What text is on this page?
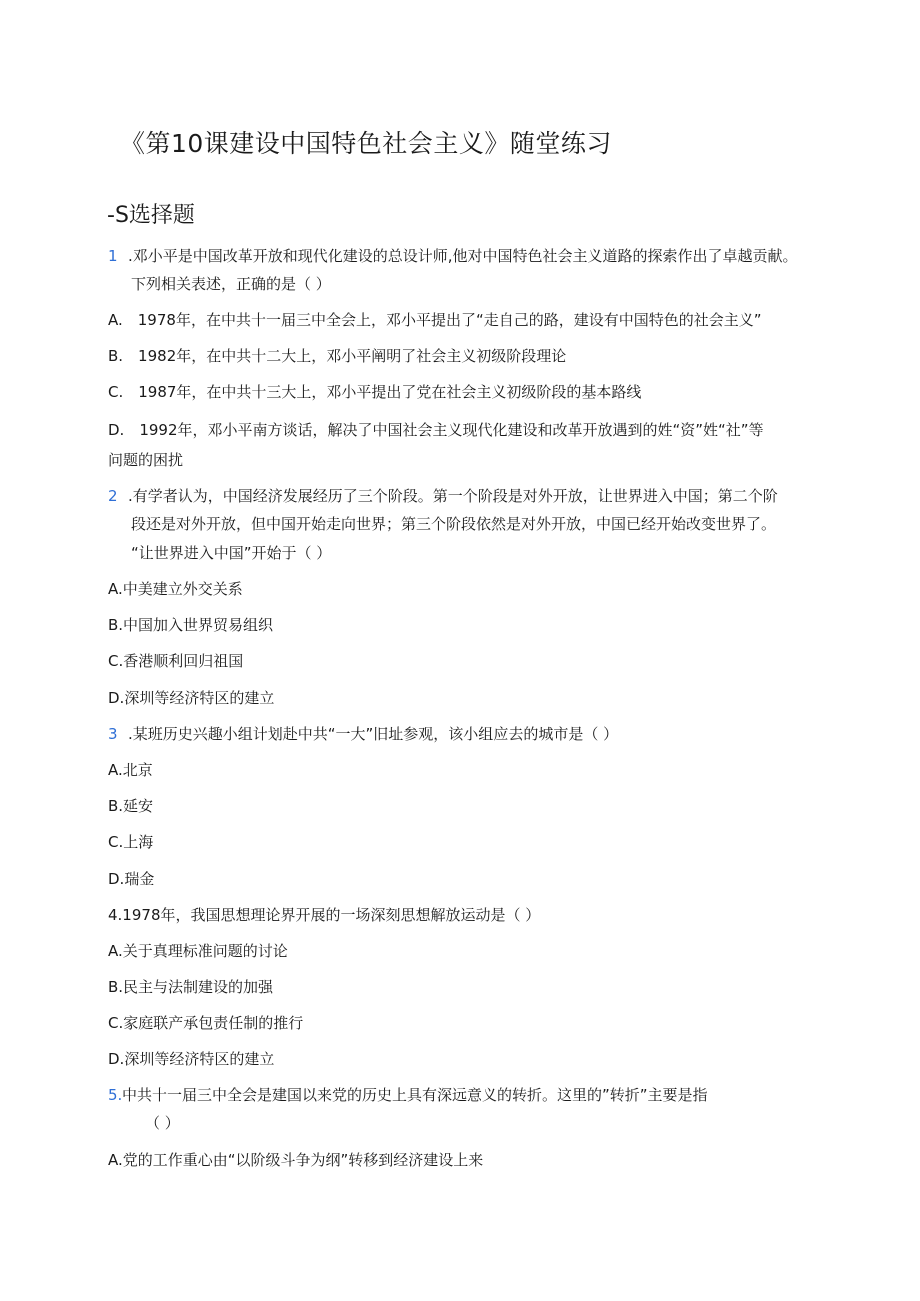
《第10课建设中国特色社会主义》随堂练习
-S选择题
1 .邓小平是中国改革开放和现代化建设的总设计师,他对中国特色社会主义道路的探索作出了卓越贡献。
下列相关表述，正确的是（ ）
A.　1978年，在中共十一届三中全会上，邓小平提出了“走自己的路，建设有中国特色的社会主义”
B.　1982年，在中共十二大上，邓小平阐明了社会主义初级阶段理论
C.　1987年，在中共十三大上，邓小平提出了党在社会主义初级阶段的基本路线
D.　1992年，邓小平南方谈话，解决了中国社会主义现代化建设和改革开放遇到的姓“资”姓“社”等
问题的困扰
2 .有学者认为，中国经济发展经历了三个阶段。第一个阶段是对外开放，让世界进入中国；第二个阶
段还是对外开放，但中国开始走向世界；第三个阶段依然是对外开放，中国已经开始改变世界了。
“让世界进入中国”开始于（ ）
A.中美建立外交关系
B.中国加入世界贸易组织
C.香港顺利回归祖国
D.深圳等经济特区的建立
3 .某班历史兴趣小组计划赴中共“一大”旧址参观，该小组应去的城市是（ ）
A.北京
B.延安
C.上海
D.瑞金
4.1978年，我国思想理论界开展的一场深刻思想解放运动是（ ）
A.关于真理标准问题的讨论
B.民主与法制建设的加强
C.家庭联产承包责任制的推行
D.深圳等经济特区的建立
5. 中共十一届三中全会是建国以来党的历史上具有深远意义的转折。这里的”转折”主要是指
（ ）
A.党的工作重心由“以阶级斗争为纲”转移到经济建设上来
